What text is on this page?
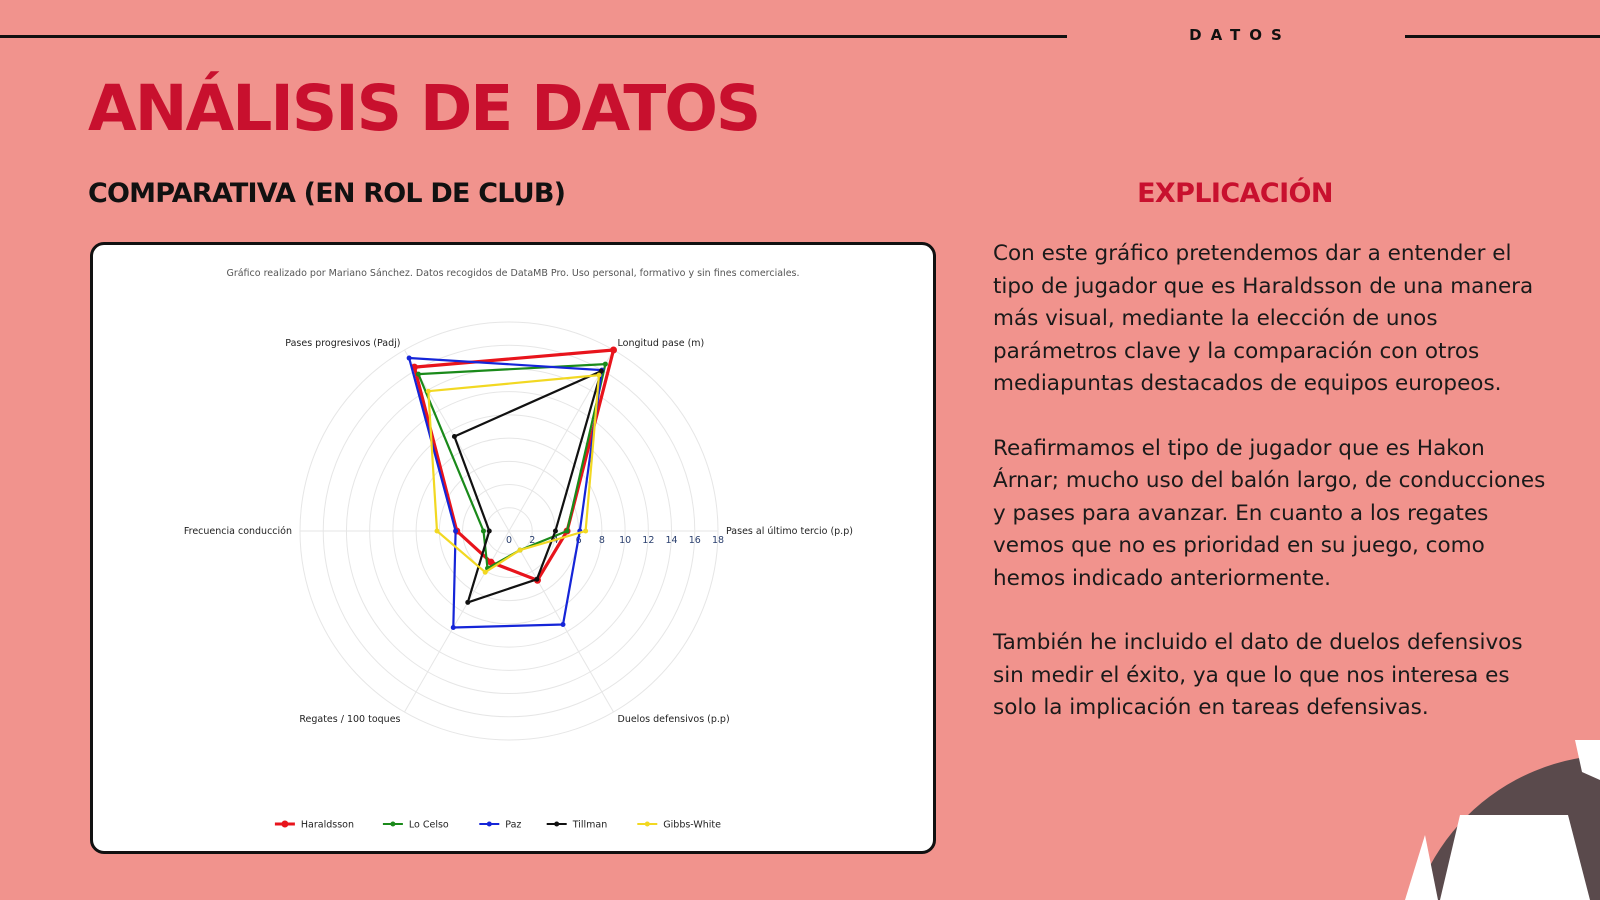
DATOS
ANÁLISIS DE DATOS
COMPARATIVA (EN ROL DE CLUB)
Gráfico realizado por Mariano Sánchez. Datos recogidos de DataMB Pro. Uso personal, formativo y sin fines comerciales.
0 2 4 6 8 10 12 14 16 18
Pases al último tercio (p.p)
Longitud pase (m)
Pases progresivos (Padj)
Frecuencia conducción
Regates / 100 toques	Duelos defensivos (p.p)
Haraldsson	Lo Celso	Paz	Tillman	Gibbs-White
EXPLICACIÓN

Con este gráfico pretendemos dar a entender el tipo de jugador que es Haraldsson de una manera más visual, mediante la elección de unos parámetros clave y la comparación con otros mediapuntas destacados de equipos europeos.

Reafirmamos el tipo de jugador que es Hakon Árnar; mucho uso del balón largo, de conducciones y pases para avanzar. En cuanto a los regates vemos que no es prioridad en su juego, como hemos indicado anteriormente.

También he incluido el dato de duelos defensivos sin medir el éxito, ya que lo que nos interesa es solo la implicación en tareas defensivas.
